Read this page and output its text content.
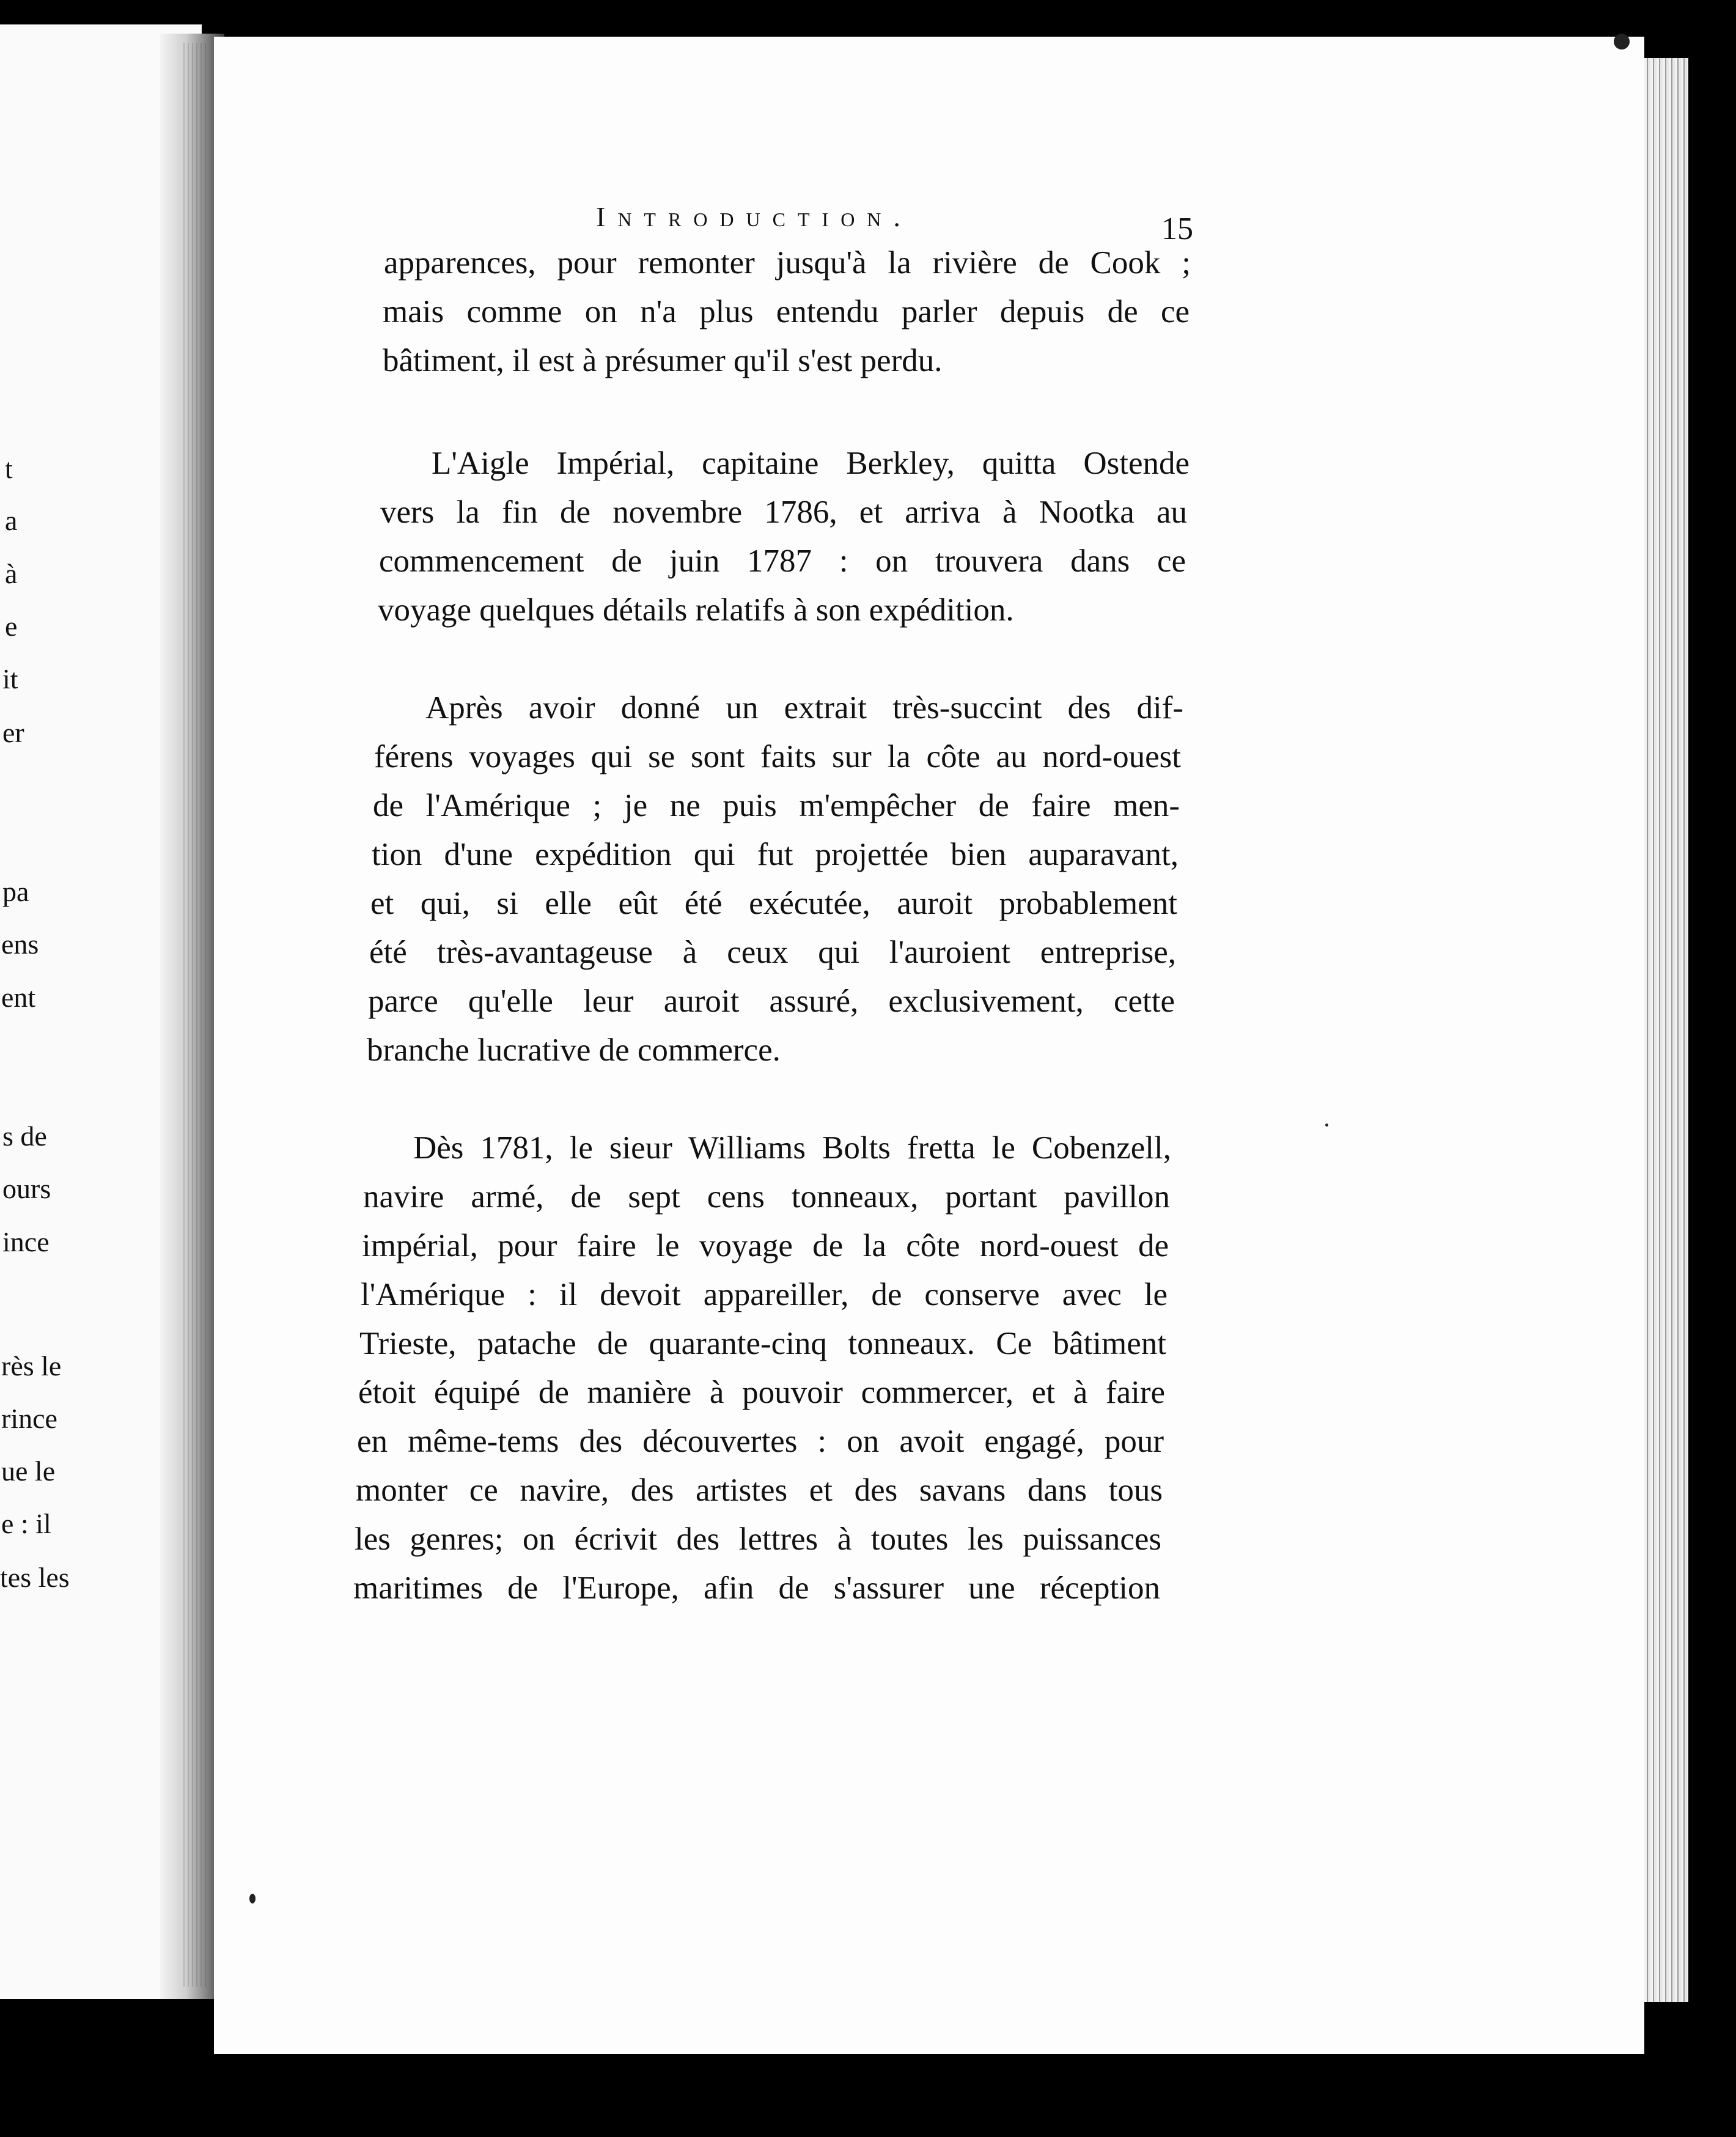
t
a
à
e
it
er
pa
ens
ent
s de
ours
ince
rès le
rince
ue le
e : il
tes les
Introduction.	15
apparences, pour remonter jusqu'à la rivière de Cook ;
mais comme on n'a plus entendu parler depuis de ce
bâtiment, il est à présumer qu'il s'est perdu.
L'Aigle Impérial, capitaine Berkley, quitta Ostende
vers la fin de novembre 1786, et arriva à Nootka au
commencement de juin 1787 : on trouvera dans ce
voyage quelques détails relatifs à son expédition.
Après avoir donné un extrait très-succint des dif-
férens voyages qui se sont faits sur la côte au nord-ouest
de l'Amérique ; je ne puis m'empêcher de faire men-
tion d'une expédition qui fut projettée bien auparavant,
et qui, si elle eût été exécutée, auroit probablement
été très-avantageuse à ceux qui l'auroient entreprise,
parce qu'elle leur auroit assuré, exclusivement, cette
branche lucrative de commerce.
Dès 1781, le sieur Williams Bolts fretta le Cobenzell,
navire armé, de sept cens tonneaux, portant pavillon
impérial, pour faire le voyage de la côte nord-ouest de
l'Amérique : il devoit appareiller, de conserve avec le
Trieste, patache de quarante-cinq tonneaux. Ce bâtiment
étoit équipé de manière à pouvoir commercer, et à faire
en même-tems des découvertes : on avoit engagé, pour
monter ce navire, des artistes et des savans dans tous
les genres; on écrivit des lettres à toutes les puissances
maritimes de l'Europe, afin de s'assurer une réception
